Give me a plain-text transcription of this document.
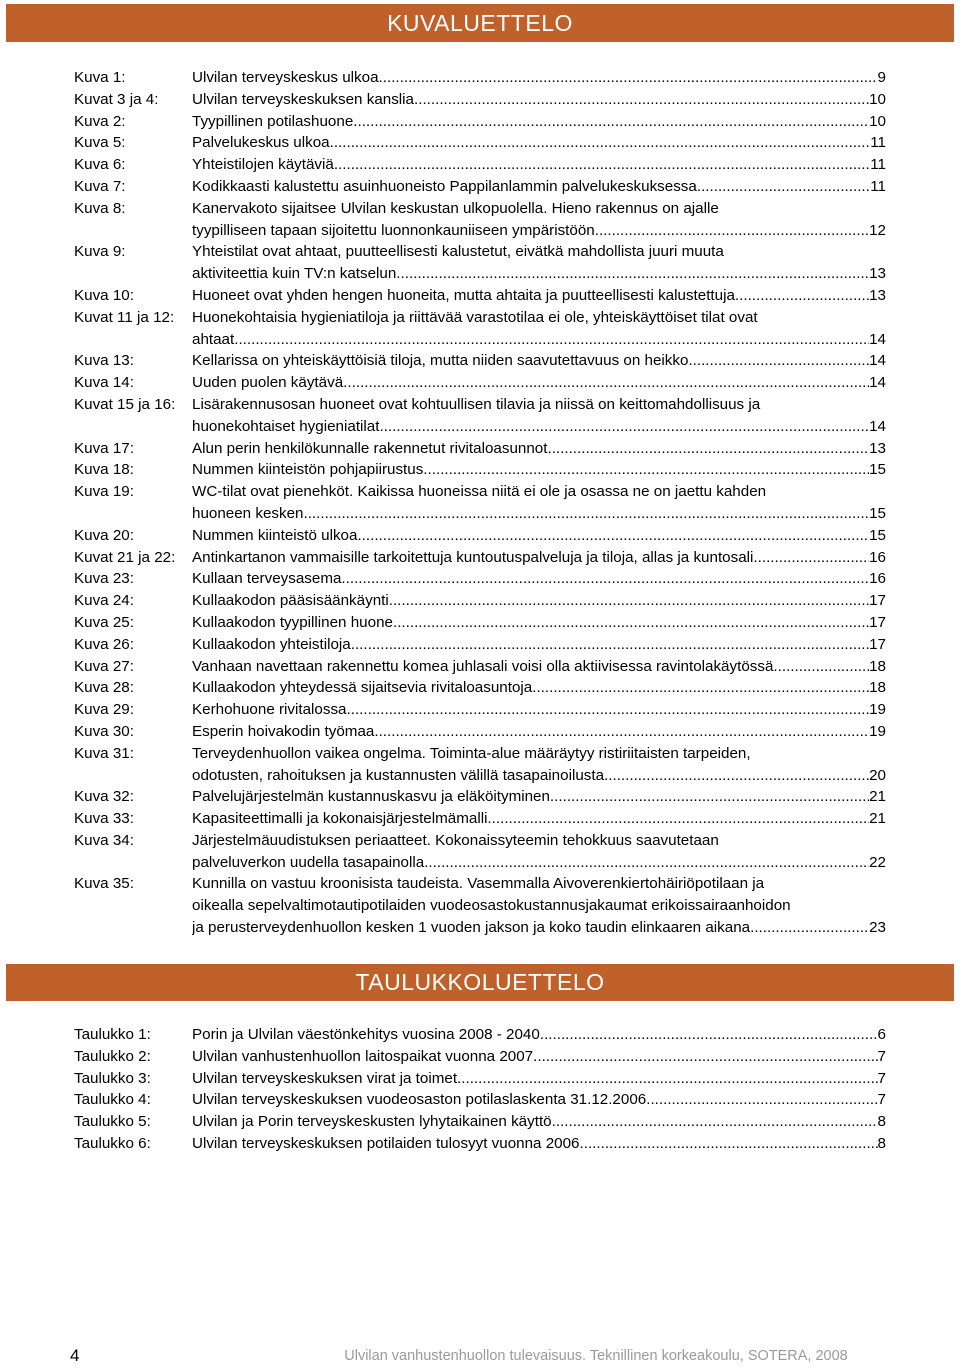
KUVALUETTELO
Kuva 1:	Ulvilan terveyskeskus ulkoa. .....	9
Kuvat 3 ja 4:	Ulvilan terveyskeskuksen kanslia. .....	10
Kuva 2:	Tyypillinen potilashuone. .....	10
Kuva 5:	Palvelukeskus ulkoa. .....	11
Kuva 6:	Yhteistilojen käytäviä. .....	11
Kuva 7:	Kodikkaasti kalustettu asuinhuoneisto Pappilanlammin palvelukeskuksessa. .....	11
Kuva 8:	Kanervakoto sijaitsee Ulvilan keskustan ulkopuolella. Hieno rakennus on ajalle
tyypilliseen tapaan sijoitettu luonnonkauniiseen ympäristöön. .....	12
Kuva 9:	Yhteistilat ovat ahtaat, puutteellisesti kalustetut, eivätkä mahdollista juuri muuta
aktiviteettia kuin TV:n katselun. .....	13
Kuva 10:	Huoneet ovat yhden hengen huoneita, mutta ahtaita ja puutteellisesti kalustettuja. .....	13
Kuvat 11 ja 12:	Huonekohtaisia hygieniatiloja ja riittävää varastotilaa ei ole, yhteiskäyttöiset tilat ovat
ahtaat. .....	14
Kuva 13:	Kellarissa on yhteiskäyttöisiä tiloja, mutta niiden saavutettavuus on heikko. .....	14
Kuva 14:	Uuden puolen käytävä. .....	14
Kuvat 15 ja 16:	Lisärakennusosan huoneet ovat kohtuullisen tilavia ja niissä on keittomahdollisuus ja
huonekohtaiset hygieniatilat. .....	14
Kuva 17:	Alun perin henkilökunnalle rakennetut rivitaloasunnot. .....	13
Kuva 18:	Nummen kiinteistön pohjapiirustus. .....	15
Kuva 19:	WC-tilat ovat pienehköt. Kaikissa huoneissa niitä ei ole ja osassa ne on jaettu kahden
huoneen kesken. .....	15
Kuva 20:	Nummen kiinteistö ulkoa. .....	15
Kuvat 21 ja 22:	Antinkartanon vammaisille tarkoitettuja kuntoutuspalveluja ja tiloja, allas ja kuntosali. .....	16
Kuva 23:	Kullaan terveysasema. .....	16
Kuva 24:	Kullaakodon pääsisäänkäynti. .....	17
Kuva 25:	Kullaakodon tyypillinen huone. .....	17
Kuva 26:	Kullaakodon yhteistiloja. .....	17
Kuva 27:	Vanhaan navettaan rakennettu komea juhlasali voisi olla aktiivisessa ravintolakäytössä. .....	18
Kuva 28:	Kullaakodon yhteydessä sijaitsevia rivitaloasuntoja. .....	18
Kuva 29:	Kerhohuone rivitalossa. .....	19
Kuva 30:	Esperin hoivakodin työmaa. .....	19
Kuva 31:	Terveydenhuollon vaikea ongelma. Toiminta-alue määräytyy ristiriitaisten tarpeiden,
odotusten, rahoituksen ja kustannusten välillä tasapainoilusta. .....	20
Kuva 32:	Palvelujärjestelmän kustannuskasvu ja eläköityminen. .....	21
Kuva 33:	Kapasiteettimalli ja kokonaisjärjestelmämalli. .....	21
Kuva 34:	Järjestelmäuudistuksen periaatteet. Kokonaissyteemin tehokkuus saavutetaan
palveluverkon uudella tasapainolla. .....	22
Kuva 35:	Kunnilla on vastuu kroonisista taudeista. Vasemmalla Aivoverenkiertohäiriöpotilaan ja
oikealla sepelvaltimotautipotilaiden vuodeosastokustannusjakaumat erikoissairaanhoidon
ja perusterveydenhuollon kesken 1 vuoden jakson ja koko taudin elinkaaren aikana. .....	23
TAULUKKOLUETTELO
Taulukko 1:	Porin ja Ulvilan väestönkehitys vuosina 2008 - 2040. .....	6
Taulukko 2:	Ulvilan vanhustenhuollon laitospaikat vuonna 2007. .....	7
Taulukko 3:	Ulvilan terveyskeskuksen virat ja toimet. .....	7
Taulukko 4:	Ulvilan terveyskeskuksen vuodeosaston potilaslaskenta 31.12.2006. .....	7
Taulukko 5:	Ulvilan ja Porin terveyskeskusten lyhytaikainen käyttö. .....	8
Taulukko 6:	Ulvilan terveyskeskuksen potilaiden tulosyyt vuonna 2006. .....	8
4	Ulvilan vanhustenhuollon tulevaisuus. Teknillinen korkeakoulu, SOTERA, 2008
